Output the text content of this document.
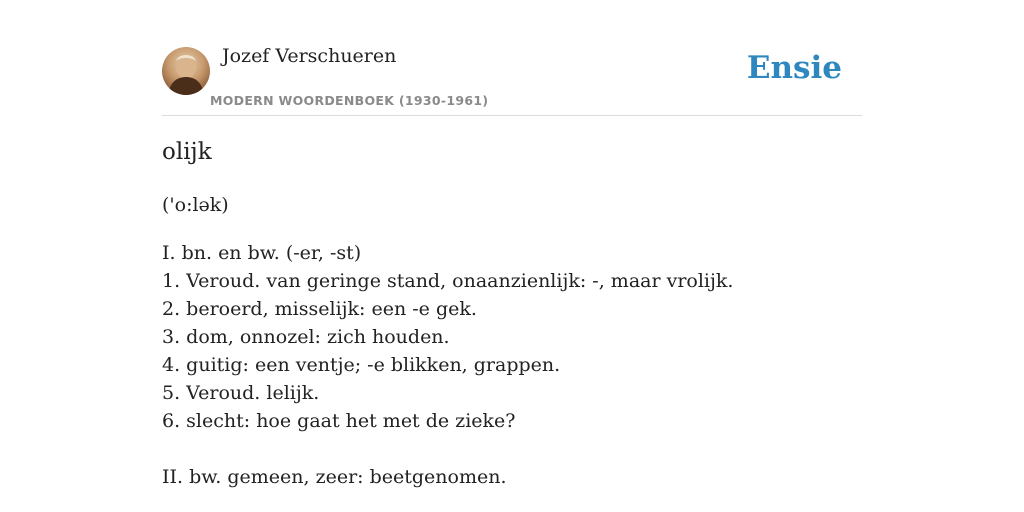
Jozef Verschueren
MODERN WOORDENBOEK (1930-1961)
Ensie
olijk
('o:lək)
I. bn. en bw. (-er, -st)
1. Veroud. van geringe stand, onaanzienlijk: -, maar vrolijk.
2. beroerd, misselijk: een -e gek.
3. dom, onnozel: zich houden.
4. guitig: een ventje; -e blikken, grappen.
5. Veroud. lelijk.
6. slecht: hoe gaat het met de zieke?
II. bw. gemeen, zeer: beetgenomen.
